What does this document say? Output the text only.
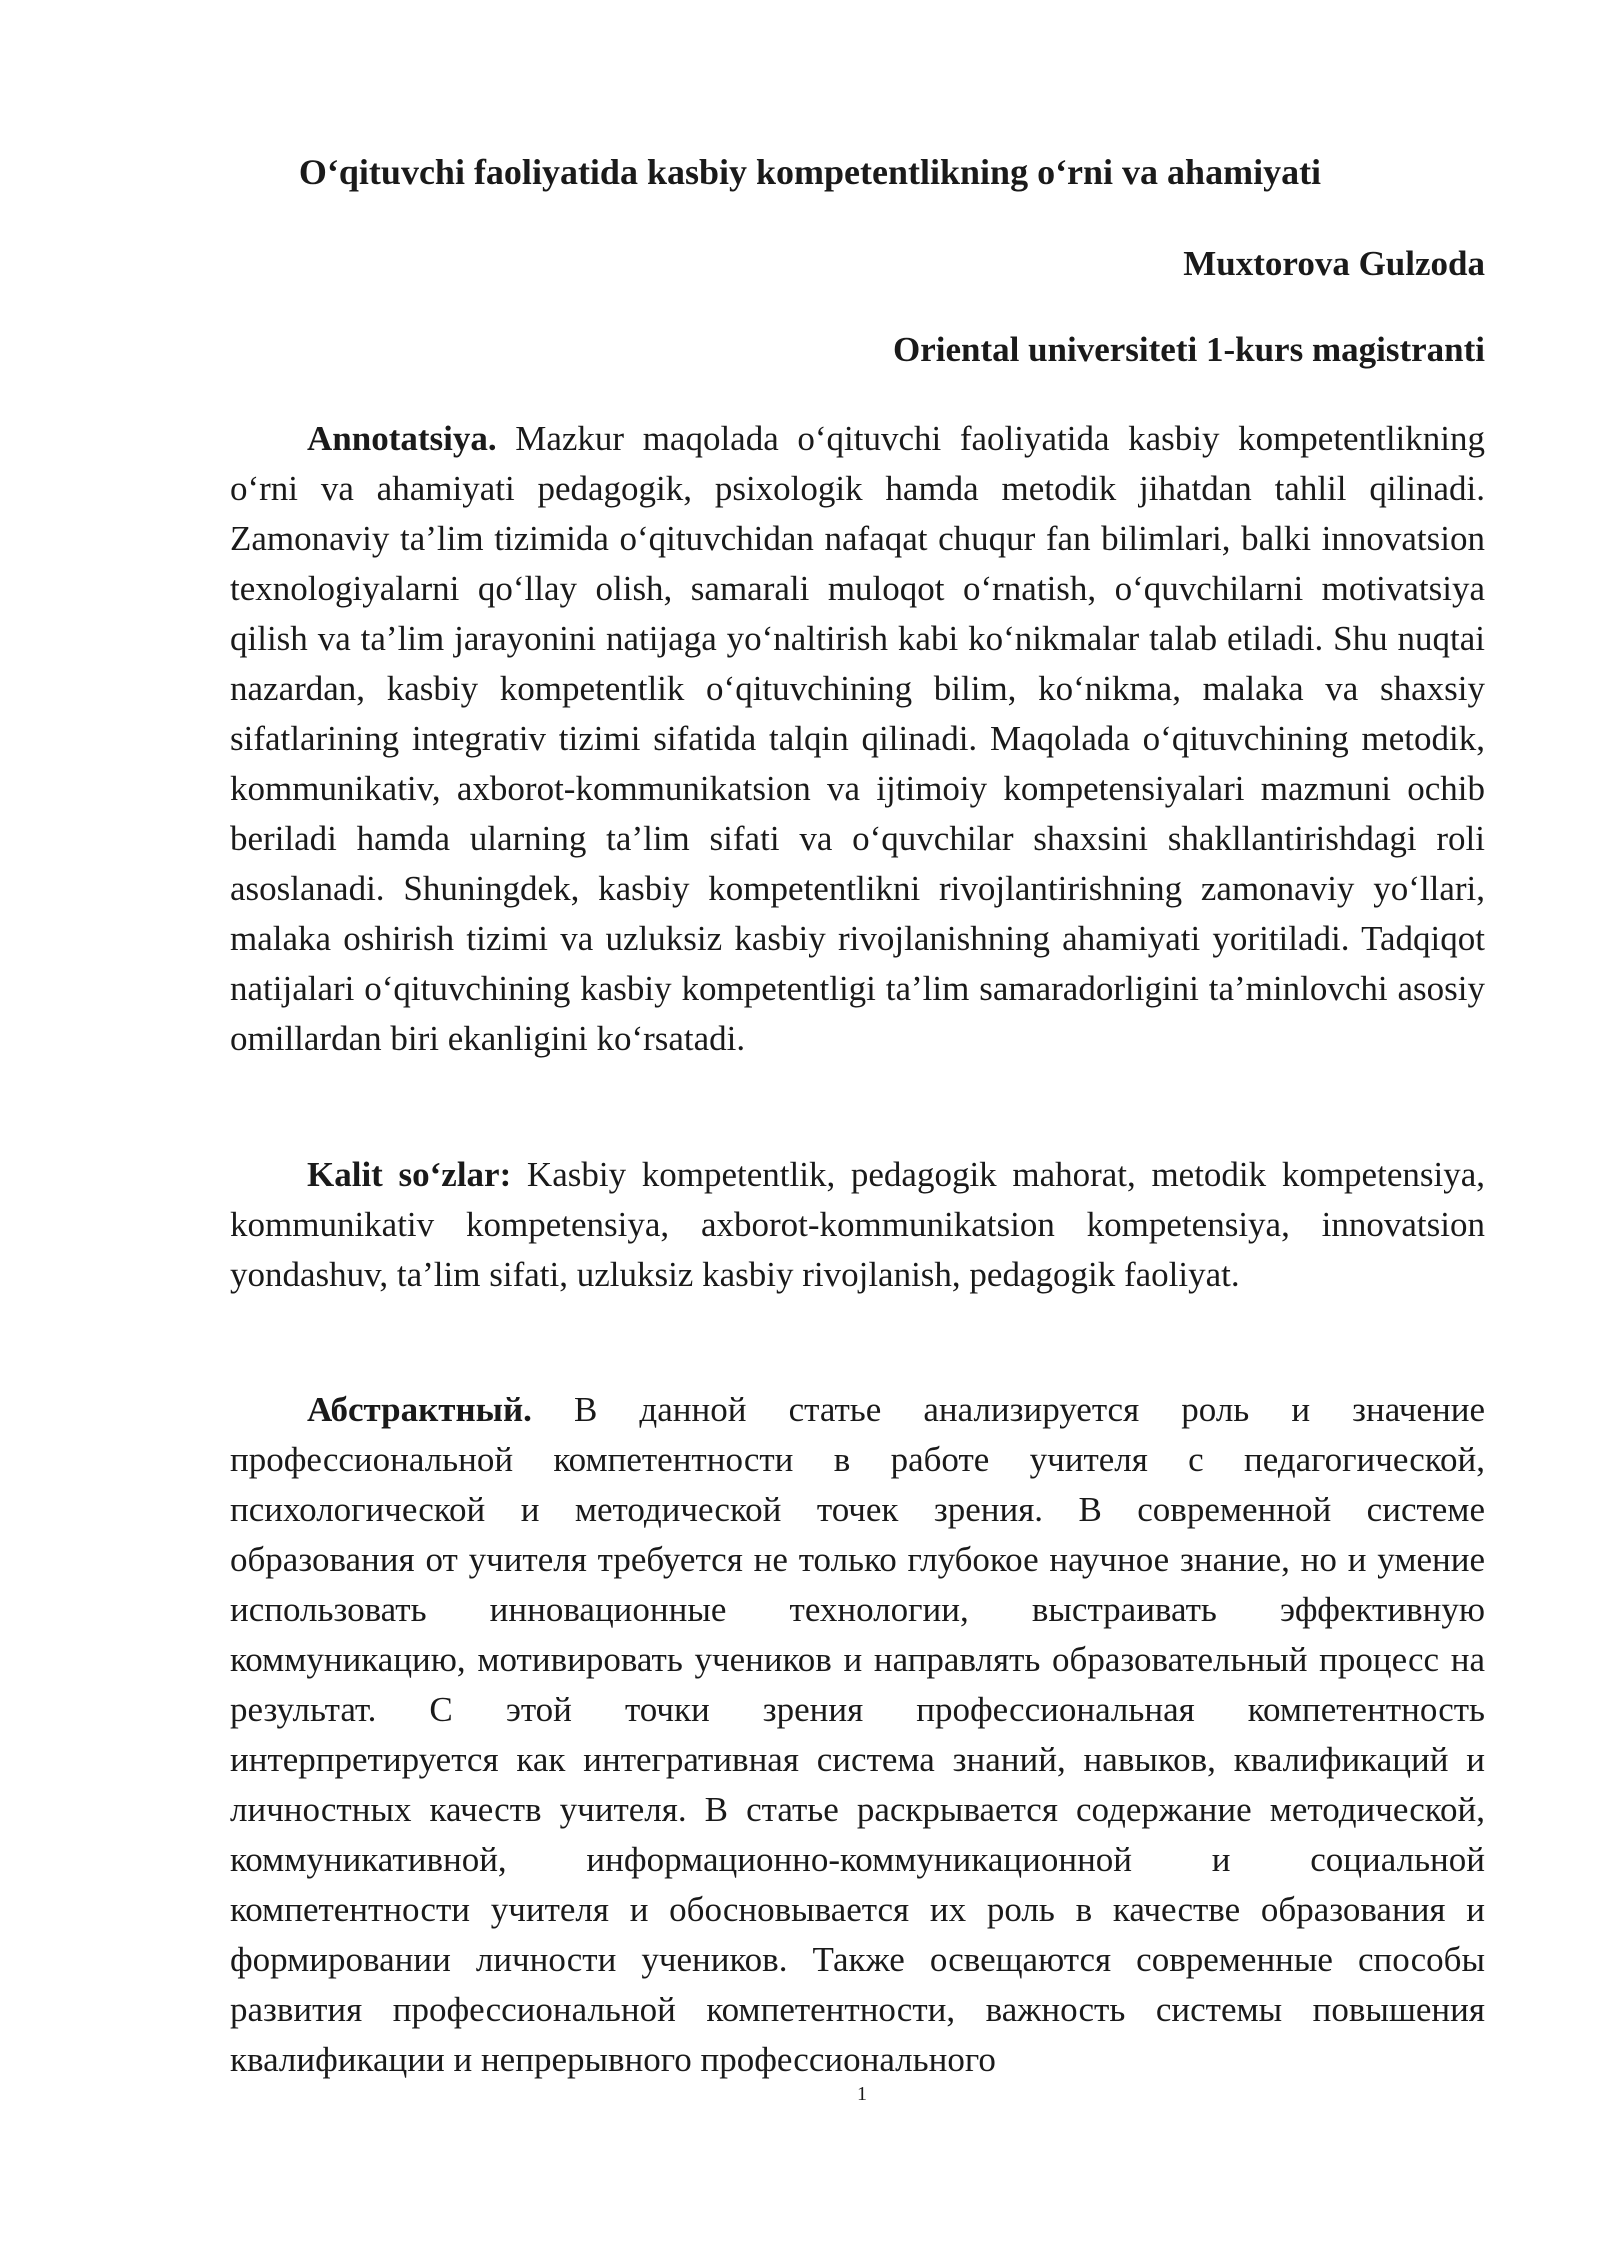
O‘qituvchi faoliyatida kasbiy kompetentlikning o‘rni va ahamiyati

Muxtorova Gulzoda

Oriental universiteti 1-kurs magistranti

Annotatsiya. Mazkur maqolada o‘qituvchi faoliyatida kasbiy kompetentlikning o‘rni va ahamiyati pedagogik, psixologik hamda metodik jihatdan tahlil qilinadi. Zamonaviy ta’lim tizimida o‘qituvchidan nafaqat chuqur fan bilimlari, balki innovatsion texnologiyalarni qo‘llay olish, samarali muloqot o‘rnatish, o‘quvchilarni motivatsiya qilish va ta’lim jarayonini natijaga yo‘naltirish kabi ko‘nikmalar talab etiladi. Shu nuqtai nazardan, kasbiy kompetentlik o‘qituvchining bilim, ko‘nikma, malaka va shaxsiy sifatlarining integrativ tizimi sifatida talqin qilinadi. Maqolada o‘qituvchining metodik, kommunikativ, axborot-kommunikatsion va ijtimoiy kompetensiyalari mazmuni ochib beriladi hamda ularning ta’lim sifati va o‘quvchilar shaxsini shakllantirishdagi roli asoslanadi. Shuningdek, kasbiy kompetentlikni rivojlantirishning zamonaviy yo‘llari, malaka oshirish tizimi va uzluksiz kasbiy rivojlanishning ahamiyati yoritiladi. Tadqiqot natijalari o‘qituvchining kasbiy kompetentligi ta’lim samaradorligini ta’minlovchi asosiy omillardan biri ekanligini ko‘rsatadi.

Kalit so‘zlar: Kasbiy kompetentlik, pedagogik mahorat, metodik kompetensiya, kommunikativ kompetensiya, axborot-kommunikatsion kompetensiya, innovatsion yondashuv, ta’lim sifati, uzluksiz kasbiy rivojlanish, pedagogik faoliyat.

Абстрактный. В данной статье анализируется роль и значение профессиональной компетентности в работе учителя с педагогической, психологической и методической точек зрения. В современной системе образования от учителя требуется не только глубокое научное знание, но и умение использовать инновационные технологии, выстраивать эффективную коммуникацию, мотивировать учеников и направлять образовательный процесс на результат. С этой точки зрения профессиональная компетентность интерпретируется как интегративная система знаний, навыков, квалификаций и личностных качеств учителя. В статье раскрывается содержание методической, коммуникативной, информационно-коммуникационной и социальной компетентности учителя и обосновывается их роль в качестве образования и формировании личности учеников. Также освещаются современные способы развития профессиональной компетентности, важность системы повышения квалификации и непрерывного профессионального

1
